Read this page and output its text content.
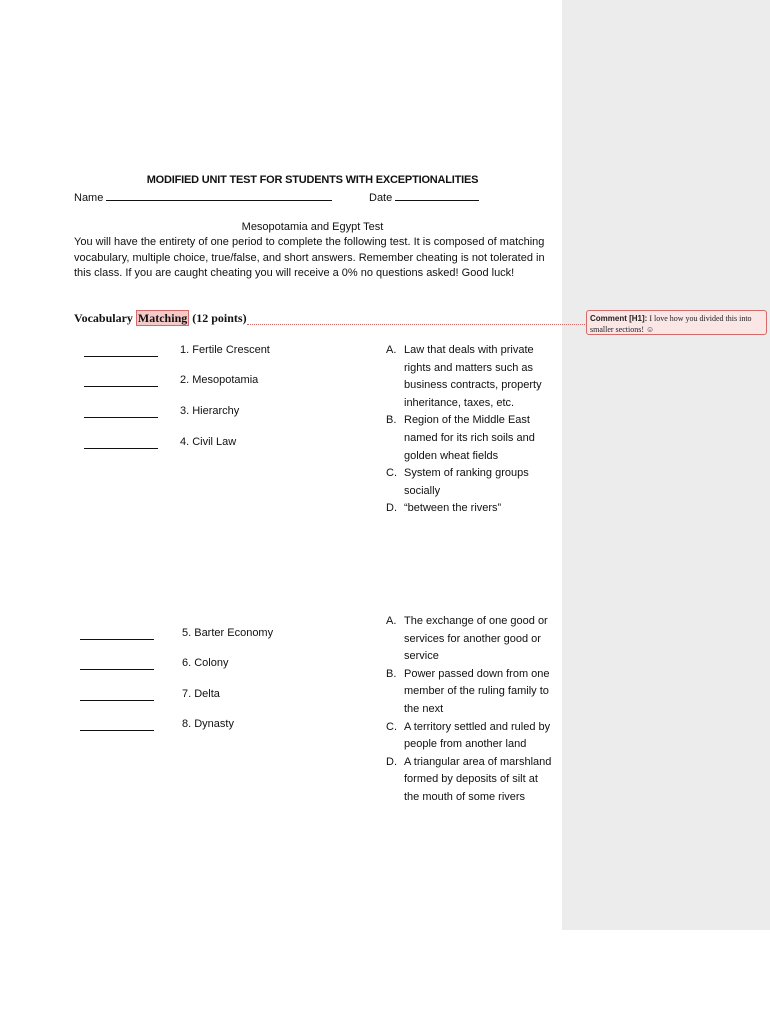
MODIFIED UNIT TEST FOR STUDENTS WITH EXCEPTIONALITIES
Name	Date
Mesopotamia and Egypt Test
You will have the entirety of one period to complete the following test. It is composed of matching vocabulary, multiple choice, true/false, and short answers. Remember cheating is not tolerated in this class. If you are caught cheating you will receive a 0% no questions asked! Good luck!
Vocabulary Matching (12 points)	Comment [H1]: I love how you divided this into smaller sections! ☺
1. Fertile Crescent
2. Mesopotamia
3. Hierarchy
4. Civil Law
A. Law that deals with private rights and matters such as business contracts, property inheritance, taxes, etc.
B. Region of the Middle East named for its rich soils and golden wheat fields
C. System of ranking groups socially
D. “between the rivers”
5. Barter Economy
6. Colony
7. Delta
8. Dynasty
A. The exchange of one good or services for another good or service
B. Power passed down from one member of the ruling family to the next
C. A territory settled and ruled by people from another land
D. A triangular area of marshland formed by deposits of silt at the mouth of some rivers
